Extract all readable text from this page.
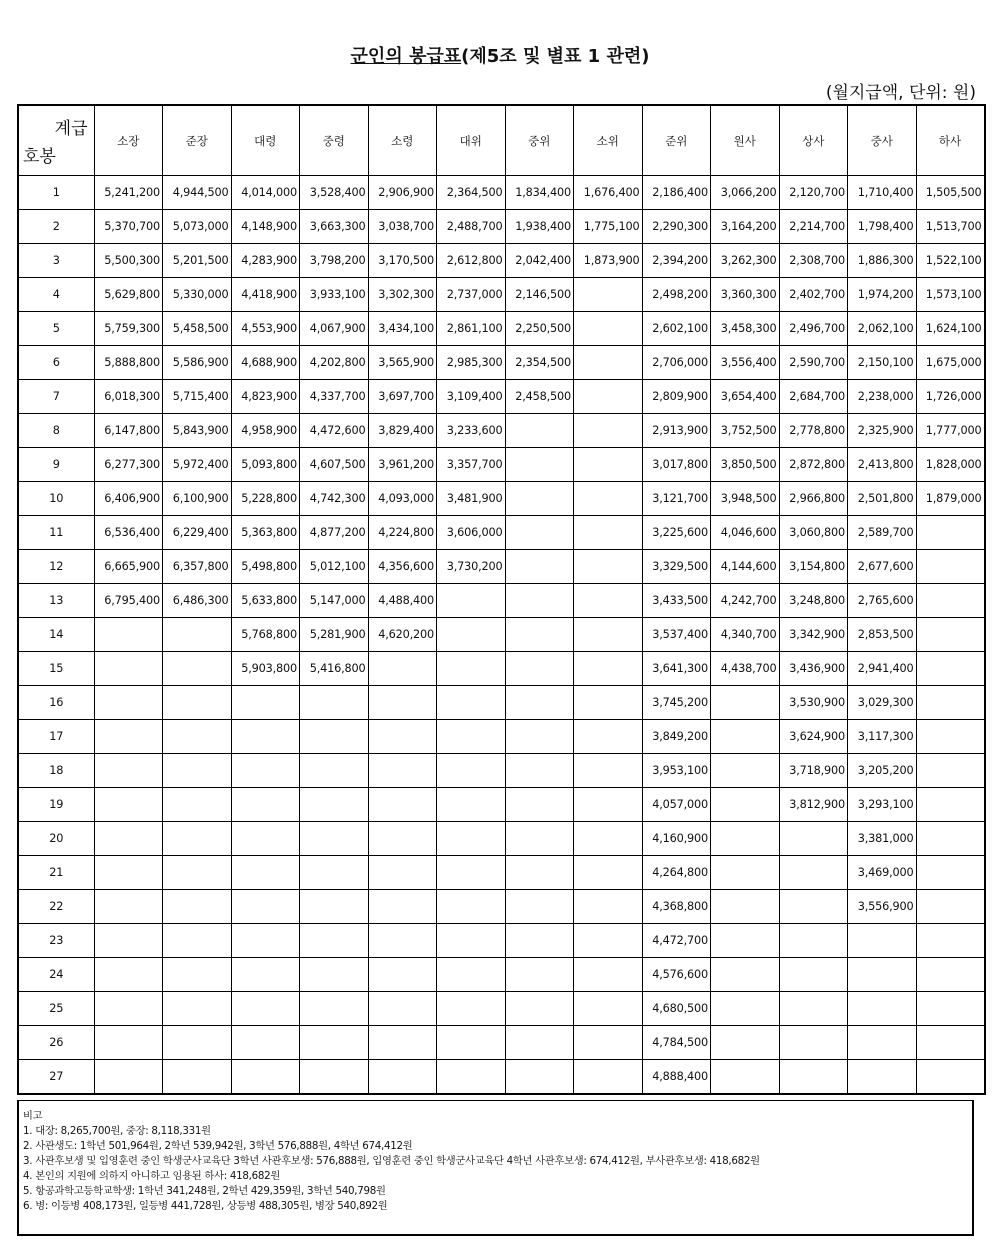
군인의 봉급표(제5조 및 별표 1 관련)
(월지급액, 단위: 원)
계급
호봉	소장	준장	대령	중령	소령	대위	중위	소위	준위	원사	상사	중사	하사
1	5,241,200	4,944,500	4,014,000	3,528,400	2,906,900	2,364,500	1,834,400	1,676,400	2,186,400	3,066,200	2,120,700	1,710,400	1,505,500
2	5,370,700	5,073,000	4,148,900	3,663,300	3,038,700	2,488,700	1,938,400	1,775,100	2,290,300	3,164,200	2,214,700	1,798,400	1,513,700
3	5,500,300	5,201,500	4,283,900	3,798,200	3,170,500	2,612,800	2,042,400	1,873,900	2,394,200	3,262,300	2,308,700	1,886,300	1,522,100
4	5,629,800	5,330,000	4,418,900	3,933,100	3,302,300	2,737,000	2,146,500		2,498,200	3,360,300	2,402,700	1,974,200	1,573,100
5	5,759,300	5,458,500	4,553,900	4,067,900	3,434,100	2,861,100	2,250,500		2,602,100	3,458,300	2,496,700	2,062,100	1,624,100
6	5,888,800	5,586,900	4,688,900	4,202,800	3,565,900	2,985,300	2,354,500		2,706,000	3,556,400	2,590,700	2,150,100	1,675,000
7	6,018,300	5,715,400	4,823,900	4,337,700	3,697,700	3,109,400	2,458,500		2,809,900	3,654,400	2,684,700	2,238,000	1,726,000
8	6,147,800	5,843,900	4,958,900	4,472,600	3,829,400	3,233,600			2,913,900	3,752,500	2,778,800	2,325,900	1,777,000
9	6,277,300	5,972,400	5,093,800	4,607,500	3,961,200	3,357,700			3,017,800	3,850,500	2,872,800	2,413,800	1,828,000
10	6,406,900	6,100,900	5,228,800	4,742,300	4,093,000	3,481,900			3,121,700	3,948,500	2,966,800	2,501,800	1,879,000
11	6,536,400	6,229,400	5,363,800	4,877,200	4,224,800	3,606,000			3,225,600	4,046,600	3,060,800	2,589,700	
12	6,665,900	6,357,800	5,498,800	5,012,100	4,356,600	3,730,200			3,329,500	4,144,600	3,154,800	2,677,600	
13	6,795,400	6,486,300	5,633,800	5,147,000	4,488,400				3,433,500	4,242,700	3,248,800	2,765,600	
14			5,768,800	5,281,900	4,620,200				3,537,400	4,340,700	3,342,900	2,853,500	
15			5,903,800	5,416,800					3,641,300	4,438,700	3,436,900	2,941,400	
16									3,745,200		3,530,900	3,029,300	
17									3,849,200		3,624,900	3,117,300	
18									3,953,100		3,718,900	3,205,200	
19									4,057,000		3,812,900	3,293,100	
20									4,160,900			3,381,000	
21									4,264,800			3,469,000	
22									4,368,800			3,556,900	
23									4,472,700				
24									4,576,600				
25									4,680,500				
26									4,784,500				
27									4,888,400				
비고
1. 대장: 8,265,700원, 중장: 8,118,331원
2. 사관생도: 1학년 501,964원, 2학년 539,942원, 3학년 576,888원, 4학년 674,412원
3. 사관후보생 및 입영훈련 중인 학생군사교육단 3학년 사관후보생: 576,888원, 입영훈련 중인 학생군사교육단 4학년 사관후보생: 674,412원, 부사관후보생: 418,682원
4. 본인의 지원에 의하지 아니하고 임용된 하사: 418,682원
5. 항공과학고등학교학생: 1학년 341,248원, 2학년 429,359원, 3학년 540,798원
6. 병: 이등병 408,173원, 일등병 441,728원, 상등병 488,305원, 병장 540,892원
